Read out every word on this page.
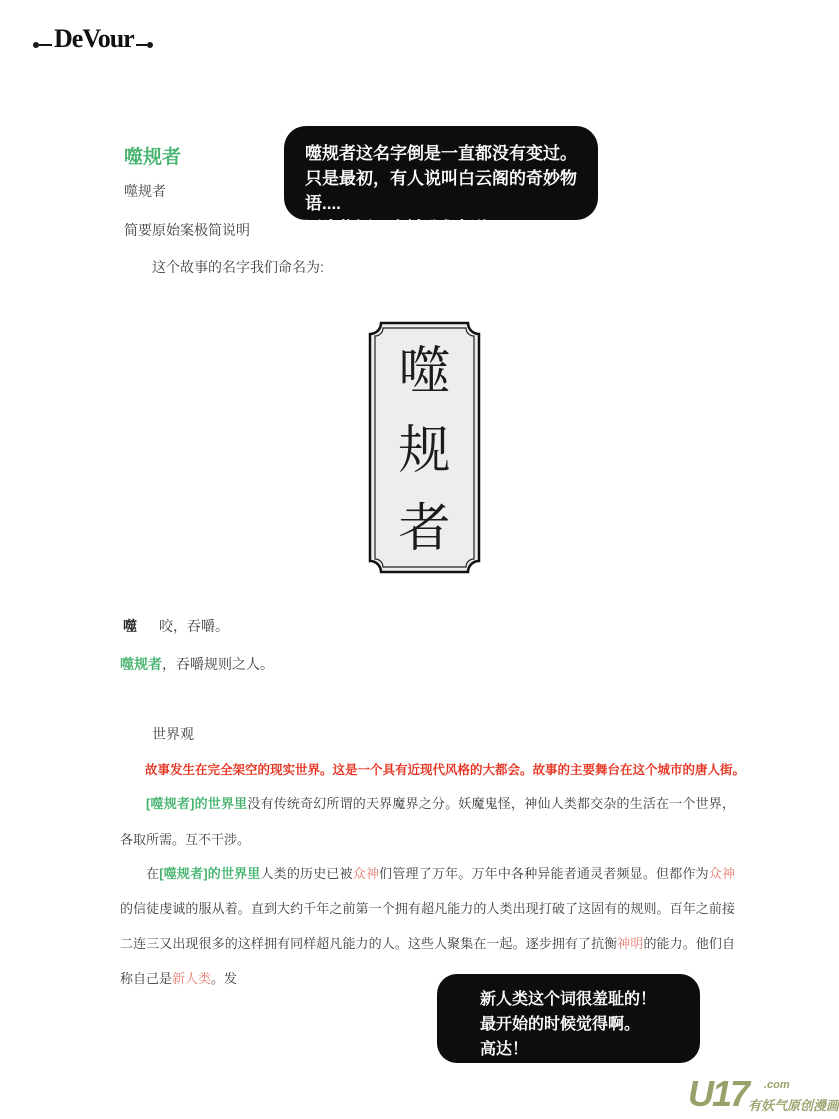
DeVour
噬规者	噬规者这名字倒是一直都没有变过。
只是最初，有人说叫白云阁的奇妙物语....
因为物语二字被我们拒绝了...
噬规者
简要原始案极简说明
这个故事的名字我们命名为:
噬
规
者
噬 咬，吞嚼。
噬规者，吞嚼规则之人。
世界观
故事发生在完全架空的现实世界。这是一个具有近现代风格的大都会。故事的主要舞台在这个城市的唐人街。
[噬规者]的世界里没有传统奇幻所谓的天界魔界之分。妖魔鬼怪，神仙人类都交杂的生活在一个世界，各取所需。互不干涉。
在[噬规者]的世界里人类的历史已被众神们管理了万年。万年中各种异能者通灵者频显。但都作为众神的信徒虔诚的服从着。直到大约千年之前第一个拥有超凡能力的人类出现打破了这固有的规则。百年之前接二连三又出现很多的这样拥有同样超凡能力的人。这些人聚集在一起。逐步拥有了抗衡神明的能力。他们自称自己是新人类。发
新人类这个词很羞耻的！
最开始的时候觉得啊。
高达！
U17 .com
有妖气原创漫画
